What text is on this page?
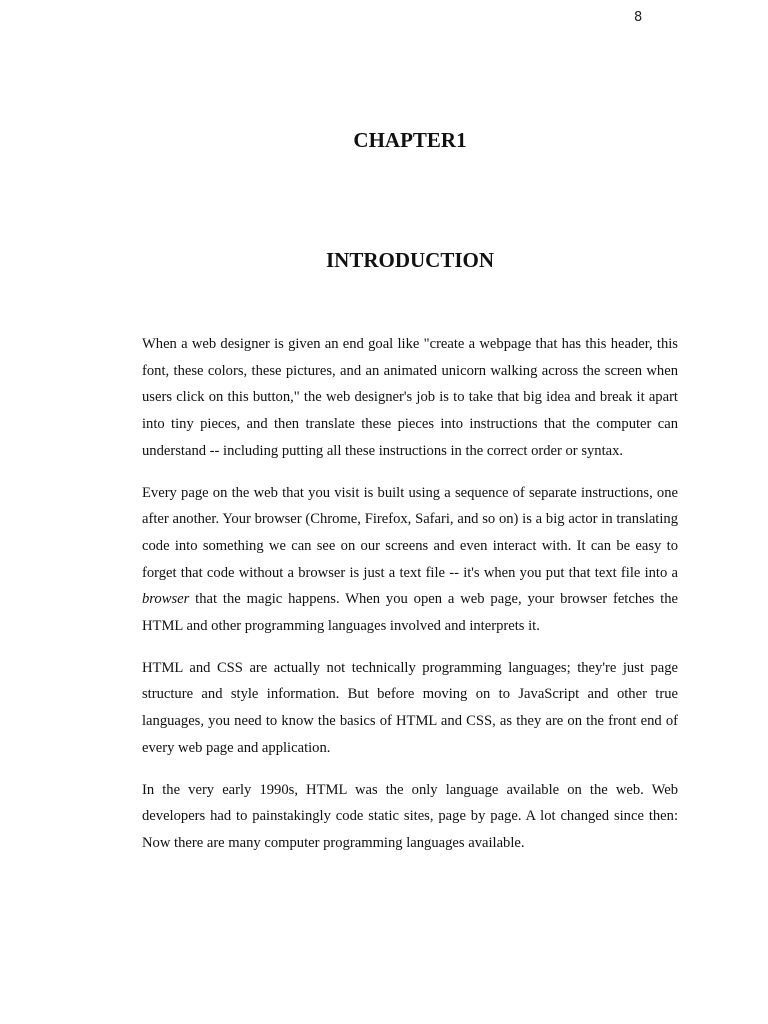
8
CHAPTER1
INTRODUCTION

When a web designer is given an end goal like "create a webpage that has this header, this font, these colors, these pictures, and an animated unicorn walking across the screen when users click on this button," the web designer's job is to take that big idea and break it apart into tiny pieces, and then translate these pieces into instructions that the computer can understand -- including putting all these instructions in the correct order or syntax.

Every page on the web that you visit is built using a sequence of separate instructions, one after another. Your browser (Chrome, Firefox, Safari, and so on) is a big actor in translating code into something we can see on our screens and even interact with. It can be easy to forget that code without a browser is just a text file -- it's when you put that text file into a browser that the magic happens. When you open a web page, your browser fetches the HTML and other programming languages involved and interprets it.

HTML and CSS are actually not technically programming languages; they're just page structure and style information. But before moving on to JavaScript and other true languages, you need to know the basics of HTML and CSS, as they are on the front end of every web page and application.

In the very early 1990s, HTML was the only language available on the web. Web developers had to painstakingly code static sites, page by page. A lot changed since then: Now there are many computer programming languages available.
